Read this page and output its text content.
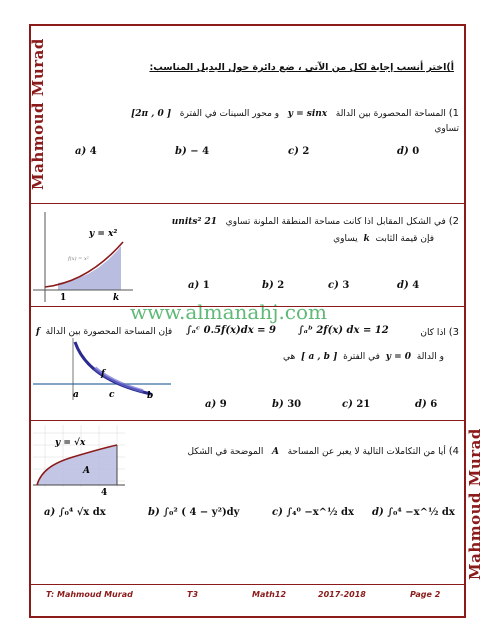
Mahmoud Murad
Mahmoud Murad
أ)اختر أنسب إجابة لكل من الآتي ، ضع دائرة حول البديل المناسب:
1) المساحة المحصورة بين الدالة   y = sinx   و محور السينات في الفترة   [ 0 , 2π]
تساوي
a) 4	b) − 4	c) 2	d) 0
y = x²
f(x) = x²
1	k
2) في الشكل المقابل اذا كانت مساحة المنطقة الملونة تساوي   21 units²
فإن قيمة الثابت  k  يساوي
a) 1	b) 2	c) 3	d) 4
www.almanahj.com
f
a	c	b
3) اذا كان
∫ₐᵇ 2f(x) dx = 12
∫ₐᶜ 0.5f(x)dx = 9
فإن المساحة المحصورة بين الدالة  f
و الدالة  y = 0  في الفترة  [ a , b ]  هي
a) 9	b) 30	c) 21	d) 6
y = √x
A
4
4) أيا من التكاملات التالية لا يعبر عن المساحة   A   الموضحة في الشكل
a) ∫₀⁴ √x dx	b) ∫₀² ( 4 − y²)dy	c) ∫₄⁰ −x^½ dx d) ∫₀⁴ −x^½ dx
T: Mahmoud Murad	T3	Math12	2017-2018	Page 2
